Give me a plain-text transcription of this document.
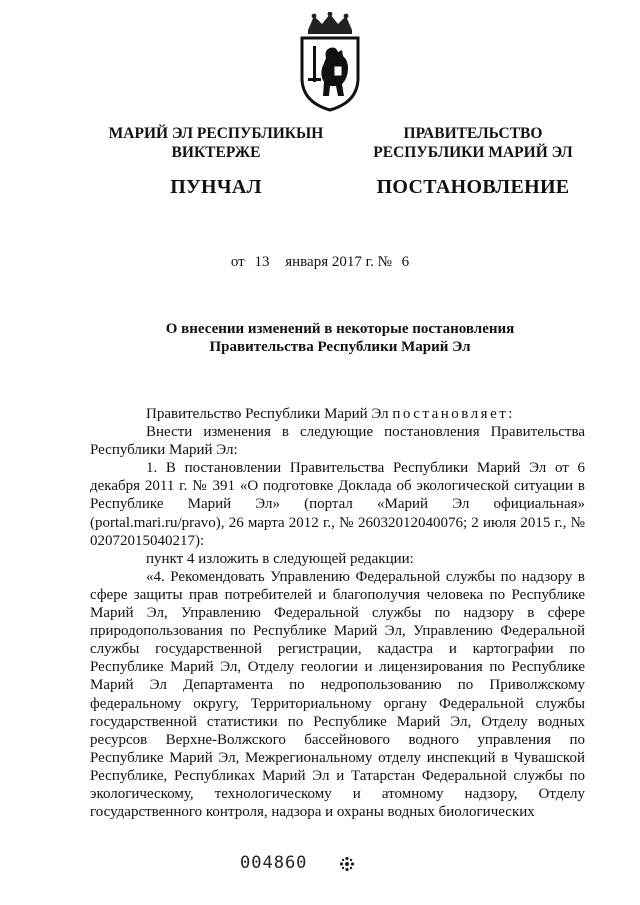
МАРИЙ ЭЛ РЕСПУБЛИКЫН
ВИКТЕРЖЕ
ПУНЧАЛ
ПРАВИТЕЛЬСТВО
РЕСПУБЛИКИ МАРИЙ ЭЛ
ПОСТАНОВЛЕНИЕ
от 13 января 2017 г. № 6
О внесении изменений в некоторые постановления
Правительства Республики Марий Эл

Правительство Республики Марий Эл постановляет:

Внести изменения в следующие постановления Правительства Республики Марий Эл:

1. В постановлении Правительства Республики Марий Эл от 6 декабря 2011 г. № 391 «О подготовке Доклада об экологической ситуации в Республике Марий Эл» (портал «Марий Эл официальная» (portal.mari.ru/pravo), 26 марта 2012 г., № 26032012040076; 2 июля 2015 г., № 02072015040217):

пункт 4 изложить в следующей редакции:

«4. Рекомендовать Управлению Федеральной службы по надзору в сфере защиты прав потребителей и благополучия человека по Республике Марий Эл, Управлению Федеральной службы по надзору в сфере природопользования по Республике Марий Эл, Управлению Федеральной службы государственной регистрации, кадастра и картографии по Республике Марий Эл, Отделу геологии и лицензирования по Республике Марий Эл Департамента по недропользованию по Приволжскому федеральному округу, Территориальному органу Федеральной службы государственной статистики по Республике Марий Эл, Отделу водных ресурсов Верхне-Волжского бассейнового водного управления по Республике Марий Эл, Межрегиональному отделу инспекций в Чувашской Республике, Республиках Марий Эл и Татарстан Федеральной службы по экологическому, технологическому и атомному надзору, Отделу государственного контроля, надзора и охраны водных биологических

004860
